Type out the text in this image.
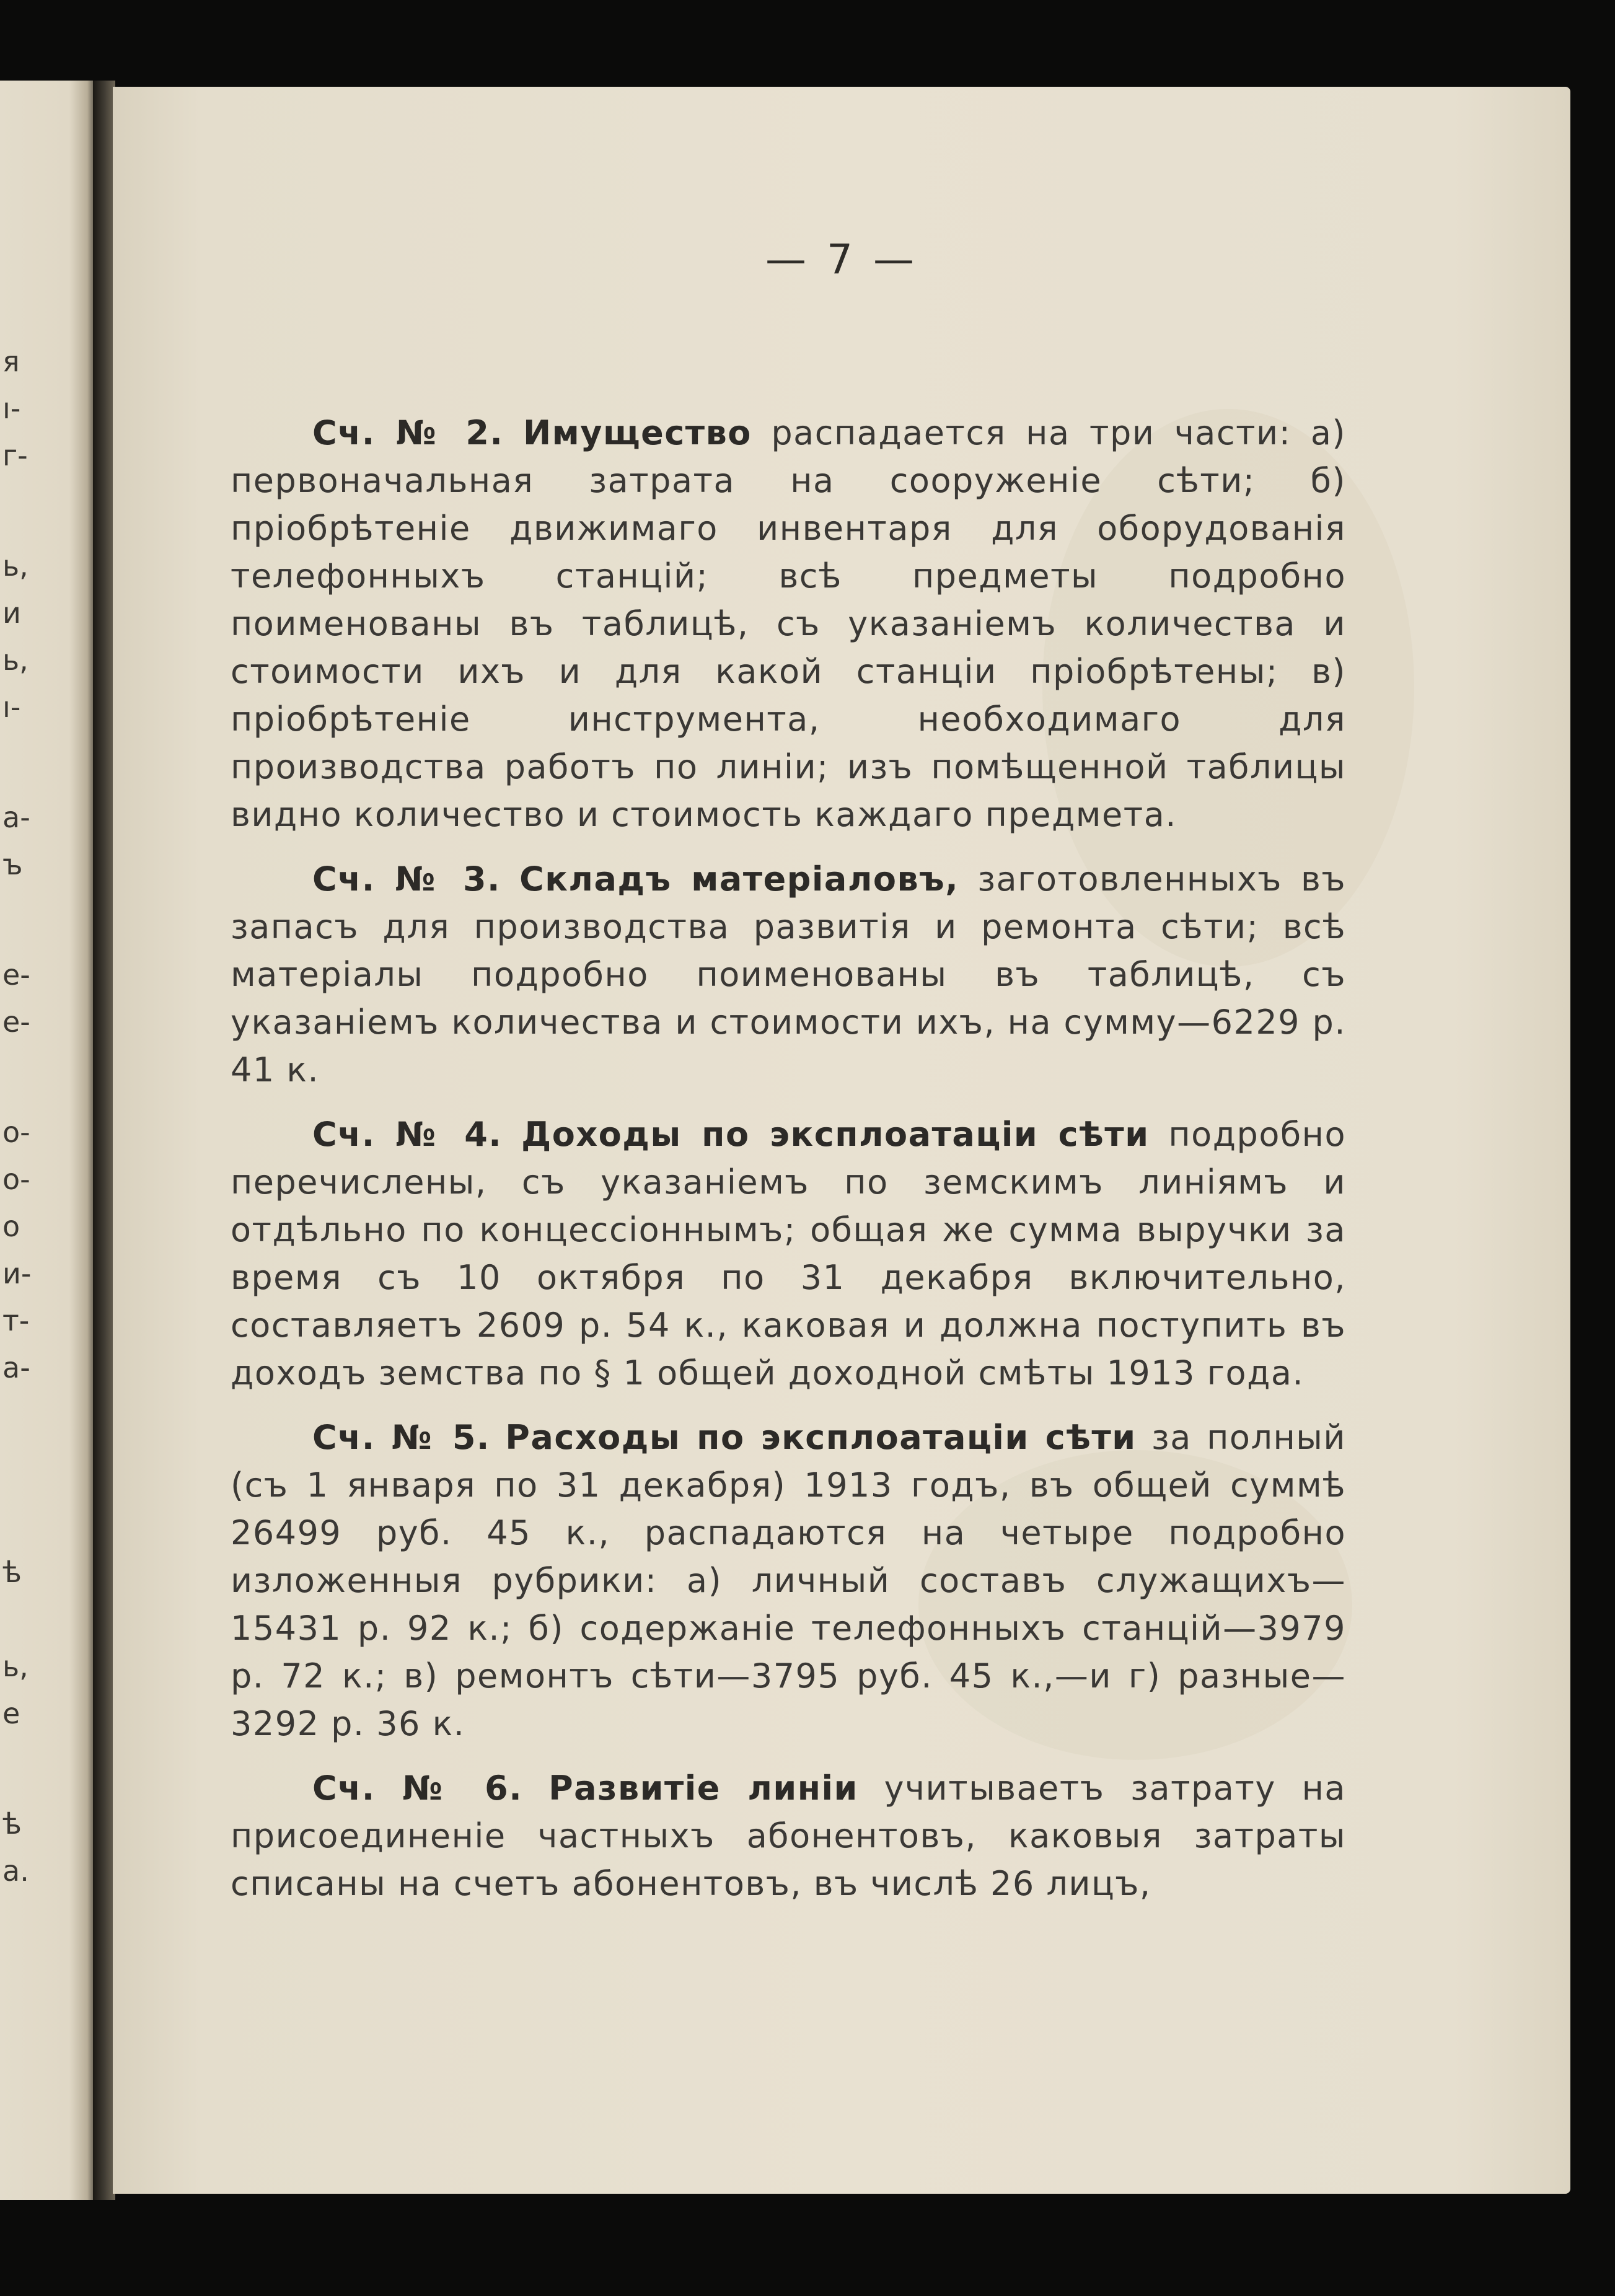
я
ı-
г-
ь,
и
ь,
ı-
a-
ъ
е-
е-
о-
о-
о
и-
т-
a-
ѣ
ь,
е
ѣ
a.
— 7 —

Сч. № 2. Имущество распадается на три части: а) первоначальная затрата на сооруженіе сѣти; б) пріобрѣтеніе движимаго инвентаря для оборудованія телефонныхъ станцій; всѣ предметы подробно поименованы въ таблицѣ, съ указаніемъ количества и стоимости ихъ и для какой станціи пріобрѣтены; в) пріобрѣтеніе инструмента, необходимаго для производства работъ по линіи; изъ помѣщенной таблицы видно количество и стоимость каждаго предмета.

Сч. № 3. Складъ матеріаловъ, заготовленныхъ въ запасъ для производства развитія и ремонта сѣти; всѣ матеріалы подробно поименованы въ таблицѣ, съ указаніемъ количества и стоимости ихъ, на сумму—6229 р. 41 к.

Сч. № 4. Доходы по эксплоатаціи сѣти подробно перечислены, съ указаніемъ по земскимъ линіямъ и отдѣльно по концессіоннымъ; общая же сумма выручки за время съ 10 октября по 31 декабря включительно, составляетъ 2609 р. 54 к., каковая и должна поступить въ доходъ земства по § 1 общей доходной смѣты 1913 года.

Сч. № 5. Расходы по эксплоатаціи сѣти за полный (съ 1 января по 31 декабря) 1913 годъ, въ общей суммѣ 26499 руб. 45 к., распадаются на четыре подробно изложенныя рубрики: а) личный составъ служащихъ—15431 р. 92 к.; б) содержаніе телефонныхъ станцій—3979 р. 72 к.; в) ремонтъ сѣти—3795 руб. 45 к.,—и г) разные—3292 р. 36 к.

Сч. № 6. Развитіе линіи учитываетъ затрату на присоединеніе частныхъ абонентовъ, каковыя затраты списаны на счетъ абонентовъ, въ числѣ 26 лицъ,
